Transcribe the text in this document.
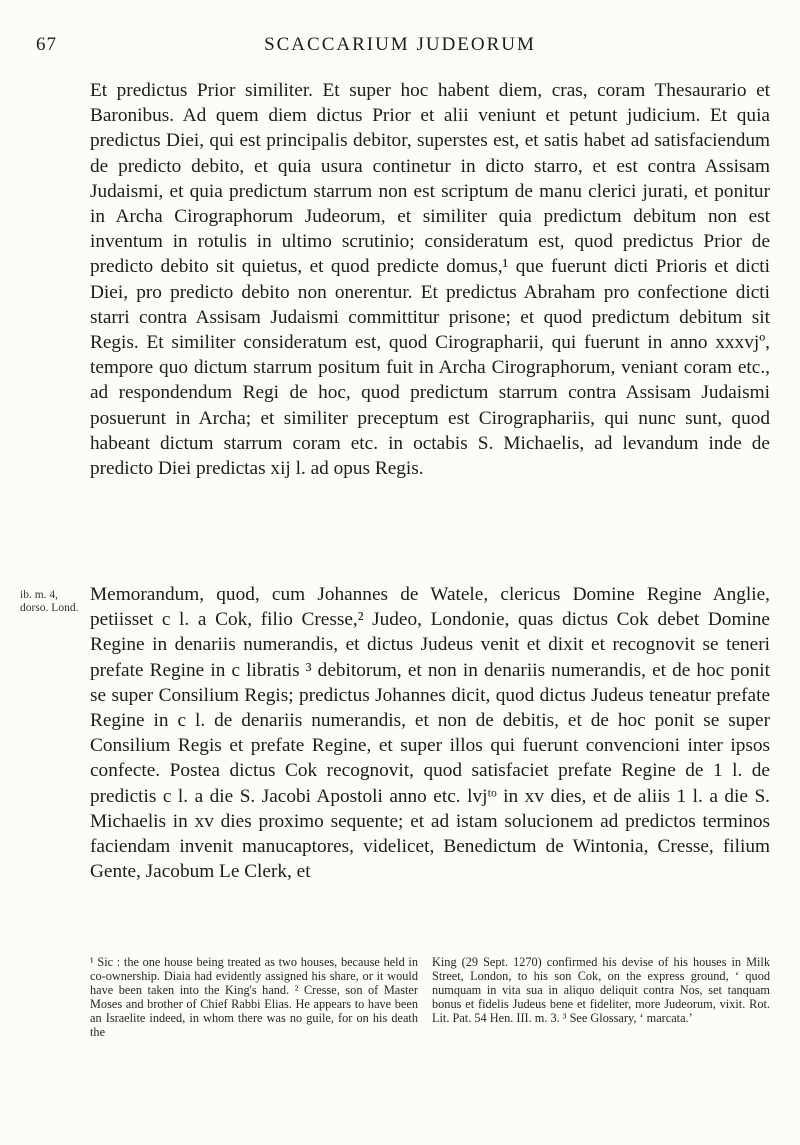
67	SCACCARIUM JUDEORUM

Et predictus Prior similiter. Et super hoc habent diem, cras, coram Thesaurario et Baronibus. Ad quem diem dictus Prior et alii veniunt et petunt judicium. Et quia predictus Diei, qui est principalis debitor, superstes est, et satis habet ad satisfaciendum de predicto debito, et quia usura continetur in dicto starro, et est contra Assisam Judaismi, et quia predictum starrum non est scriptum de manu clerici jurati, et ponitur in Archa Cirographorum Judeorum, et similiter quia predictum debitum non est inventum in rotulis in ultimo scrutinio; consideratum est, quod predictus Prior de predicto debito sit quietus, et quod predicte domus,¹ que fuerunt dicti Prioris et dicti Diei, pro predicto debito non onerentur. Et predictus Abraham pro confectione dicti starri contra Assisam Judaismi committitur prisone; et quod predictum debitum sit Regis. Et similiter consideratum est, quod Cirographarii, qui fuerunt in anno xxxvjº, tempore quo dictum starrum positum fuit in Archa Cirographorum, veniant coram etc., ad respondendum Regi de hoc, quod predictum starrum contra Assisam Judaismi posuerunt in Archa; et similiter preceptum est Cirographariis, qui nunc sunt, quod habeant dictum starrum coram etc. in octabis S. Michaelis, ad levandum inde de predicto Diei predictas xij l. ad opus Regis.

ib. m. 4, dorso. Lond.

Memorandum, quod, cum Johannes de Watele, clericus Domine Regine Anglie, petiisset c l. a Cok, filio Cresse,² Judeo, Londonie, quas dictus Cok debet Domine Regine in denariis numerandis, et dictus Judeus venit et dixit et recognovit se teneri prefate Regine in c libratis ³ debitorum, et non in denariis numerandis, et de hoc ponit se super Consilium Regis; predictus Johannes dicit, quod dictus Judeus teneatur prefate Regine in c l. de denariis numerandis, et non de debitis, et de hoc ponit se super Consilium Regis et prefate Regine, et super illos qui fuerunt convencioni inter ipsos confecte. Postea dictus Cok recognovit, quod satisfaciet prefate Regine de 1 l. de predictis c l. a die S. Jacobi Apostoli anno etc. lvjᵗᵒ in xv dies, et de aliis 1 l. a die S. Michaelis in xv dies proximo sequente; et ad istam solucionem ad predictos terminos faciendam invenit manucaptores, videlicet, Benedictum de Wintonia, Cresse, filium Gente, Jacobum Le Clerk, et

¹ Sic : the one house being treated as two houses, because held in co-ownership. Diaia had evidently assigned his share, or it would have been taken into the King's hand. ² Cresse, son of Master Moses and brother of Chief Rabbi Elias. He appears to have been an Israelite indeed, in whom there was no guile, for on his death the

King (29 Sept. 1270) confirmed his devise of his houses in Milk Street, London, to his son Cok, on the express ground, ‘ quod numquam in vita sua in aliquo deliquit contra Nos, set tanquam bonus et fidelis Judeus bene et fideliter, more Judeorum, vixit. Rot. Lit. Pat. 54 Hen. III. m. 3. ³ See Glossary, ‘ marcata.’
